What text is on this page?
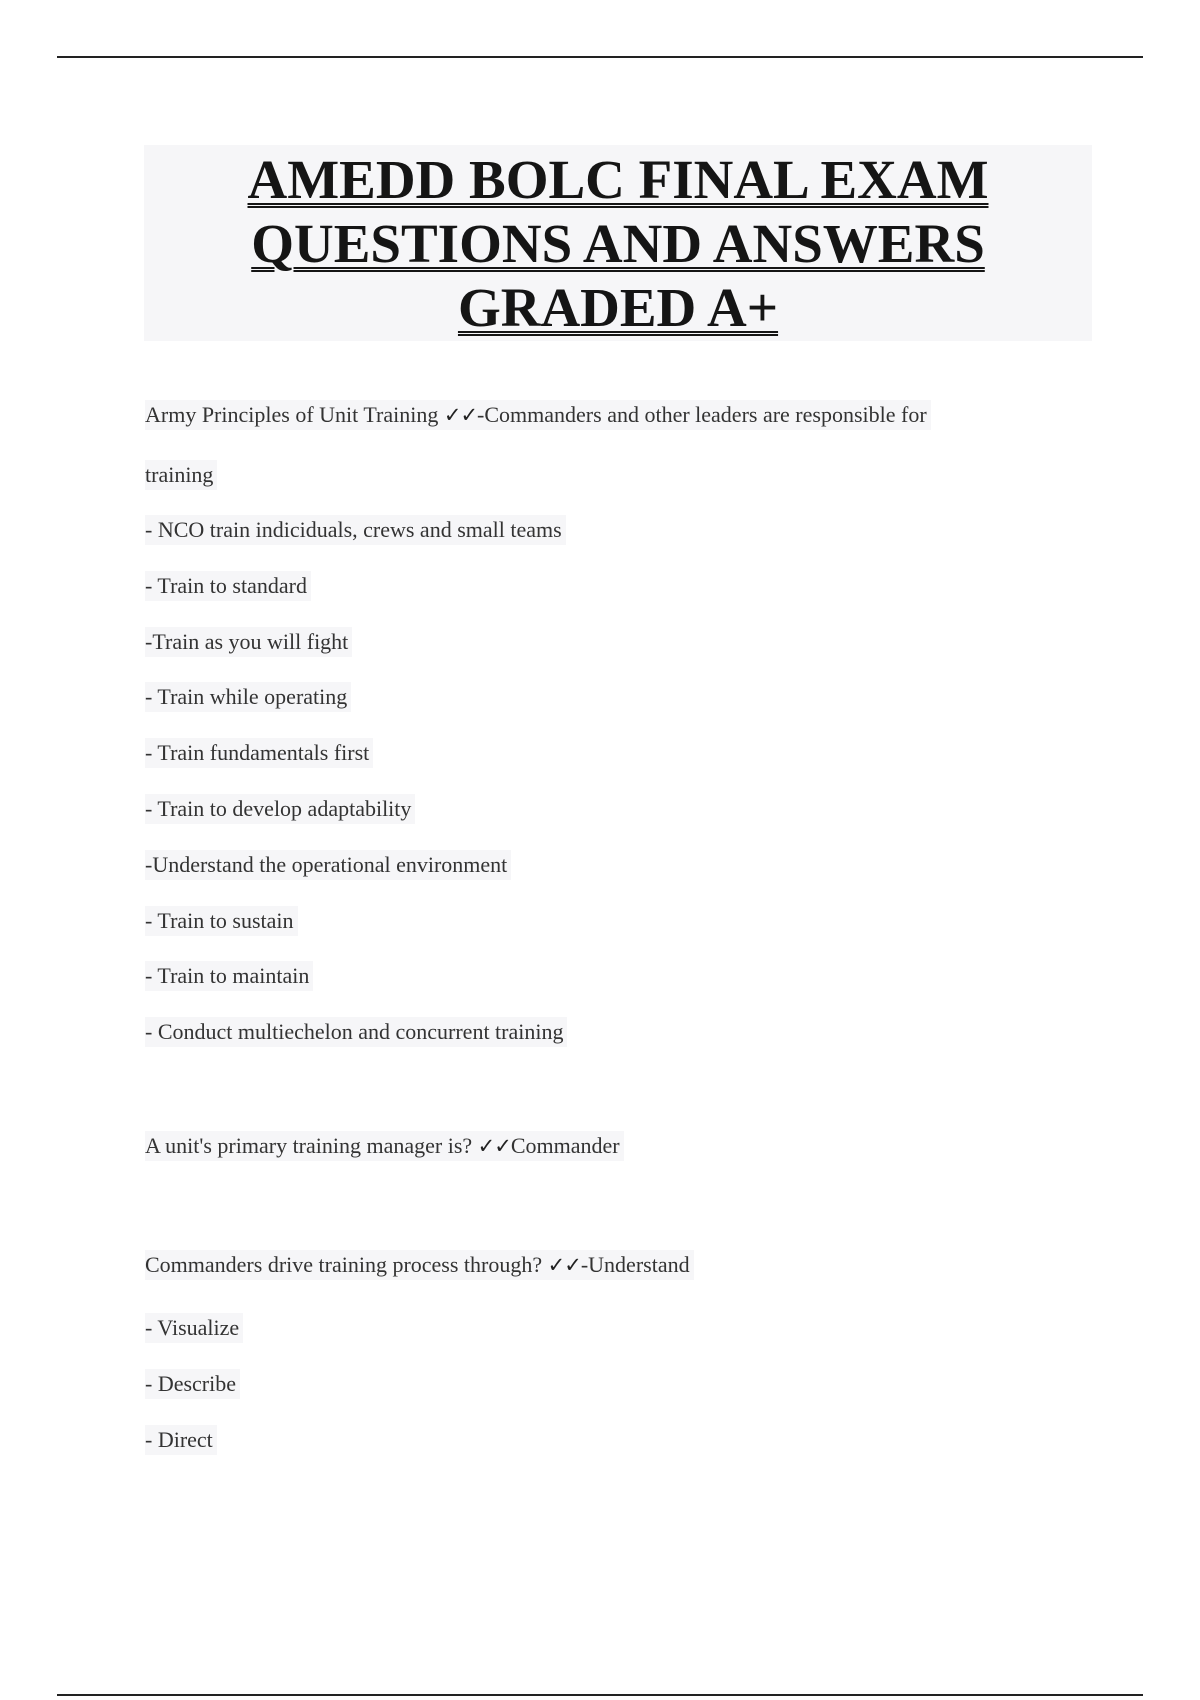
AMEDD BOLC FINAL EXAM
QUESTIONS AND ANSWERS
GRADED A+
Army Principles of Unit Training ✓✓-Commanders and other leaders are responsible for
training
- NCO train indiciduals, crews and small teams
- Train to standard
-Train as you will fight
- Train while operating
- Train fundamentals first
- Train to develop adaptability
-Understand the operational environment
- Train to sustain
- Train to maintain
- Conduct multiechelon and concurrent training
A unit's primary training manager is? ✓✓Commander
Commanders drive training process through? ✓✓-Understand
- Visualize
- Describe
- Direct
